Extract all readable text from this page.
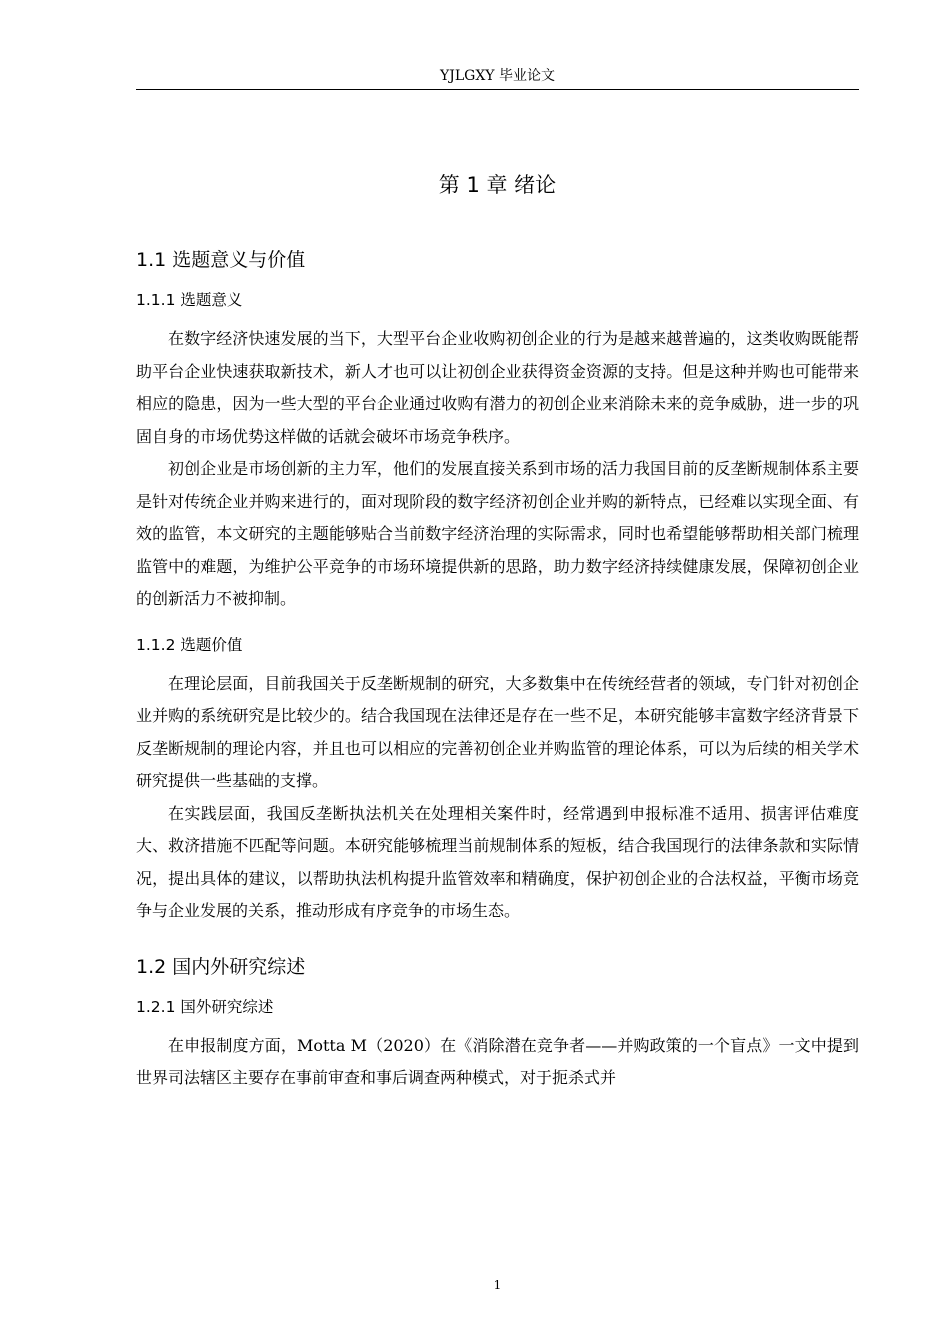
YJLGXY 毕业论文
第 1 章 绪论
1.1 选题意义与价值
1.1.1 选题意义

在数字经济快速发展的当下，大型平台企业收购初创企业的行为是越来越普遍的，这类收购既能帮助平台企业快速获取新技术，新人才也可以让初创企业获得资金资源的支持。但是这种并购也可能带来相应的隐患，因为一些大型的平台企业通过收购有潜力的初创企业来消除未来的竞争威胁，进一步的巩固自身的市场优势这样做的话就会破坏市场竞争秩序。

初创企业是市场创新的主力军，他们的发展直接关系到市场的活力我国目前的反垄断规制体系主要是针对传统企业并购来进行的，面对现阶段的数字经济初创企业并购的新特点，已经难以实现全面、有效的监管，本文研究的主题能够贴合当前数字经济治理的实际需求，同时也希望能够帮助相关部门梳理监管中的难题，为维护公平竞争的市场环境提供新的思路，助力数字经济持续健康发展，保障初创企业的创新活力不被抑制。

1.1.2 选题价值

在理论层面，目前我国关于反垄断规制的研究，大多数集中在传统经营者的领域，专门针对初创企业并购的系统研究是比较少的。结合我国现在法律还是存在一些不足，本研究能够丰富数字经济背景下反垄断规制的理论内容，并且也可以相应的完善初创企业并购监管的理论体系，可以为后续的相关学术研究提供一些基础的支撑。

在实践层面，我国反垄断执法机关在处理相关案件时，经常遇到申报标准不适用、损害评估难度大、救济措施不匹配等问题。本研究能够梳理当前规制体系的短板，结合我国现行的法律条款和实际情况，提出具体的建议，以帮助执法机构提升监管效率和精确度，保护初创企业的合法权益，平衡市场竞争与企业发展的关系，推动形成有序竞争的市场生态。

1.2 国内外研究综述
1.2.1 国外研究综述

在申报制度方面，Motta M（2020）在《消除潜在竞争者——并购政策的一个盲点》一文中提到世界司法辖区主要存在事前审查和事后调查两种模式，对于扼杀式并

1
